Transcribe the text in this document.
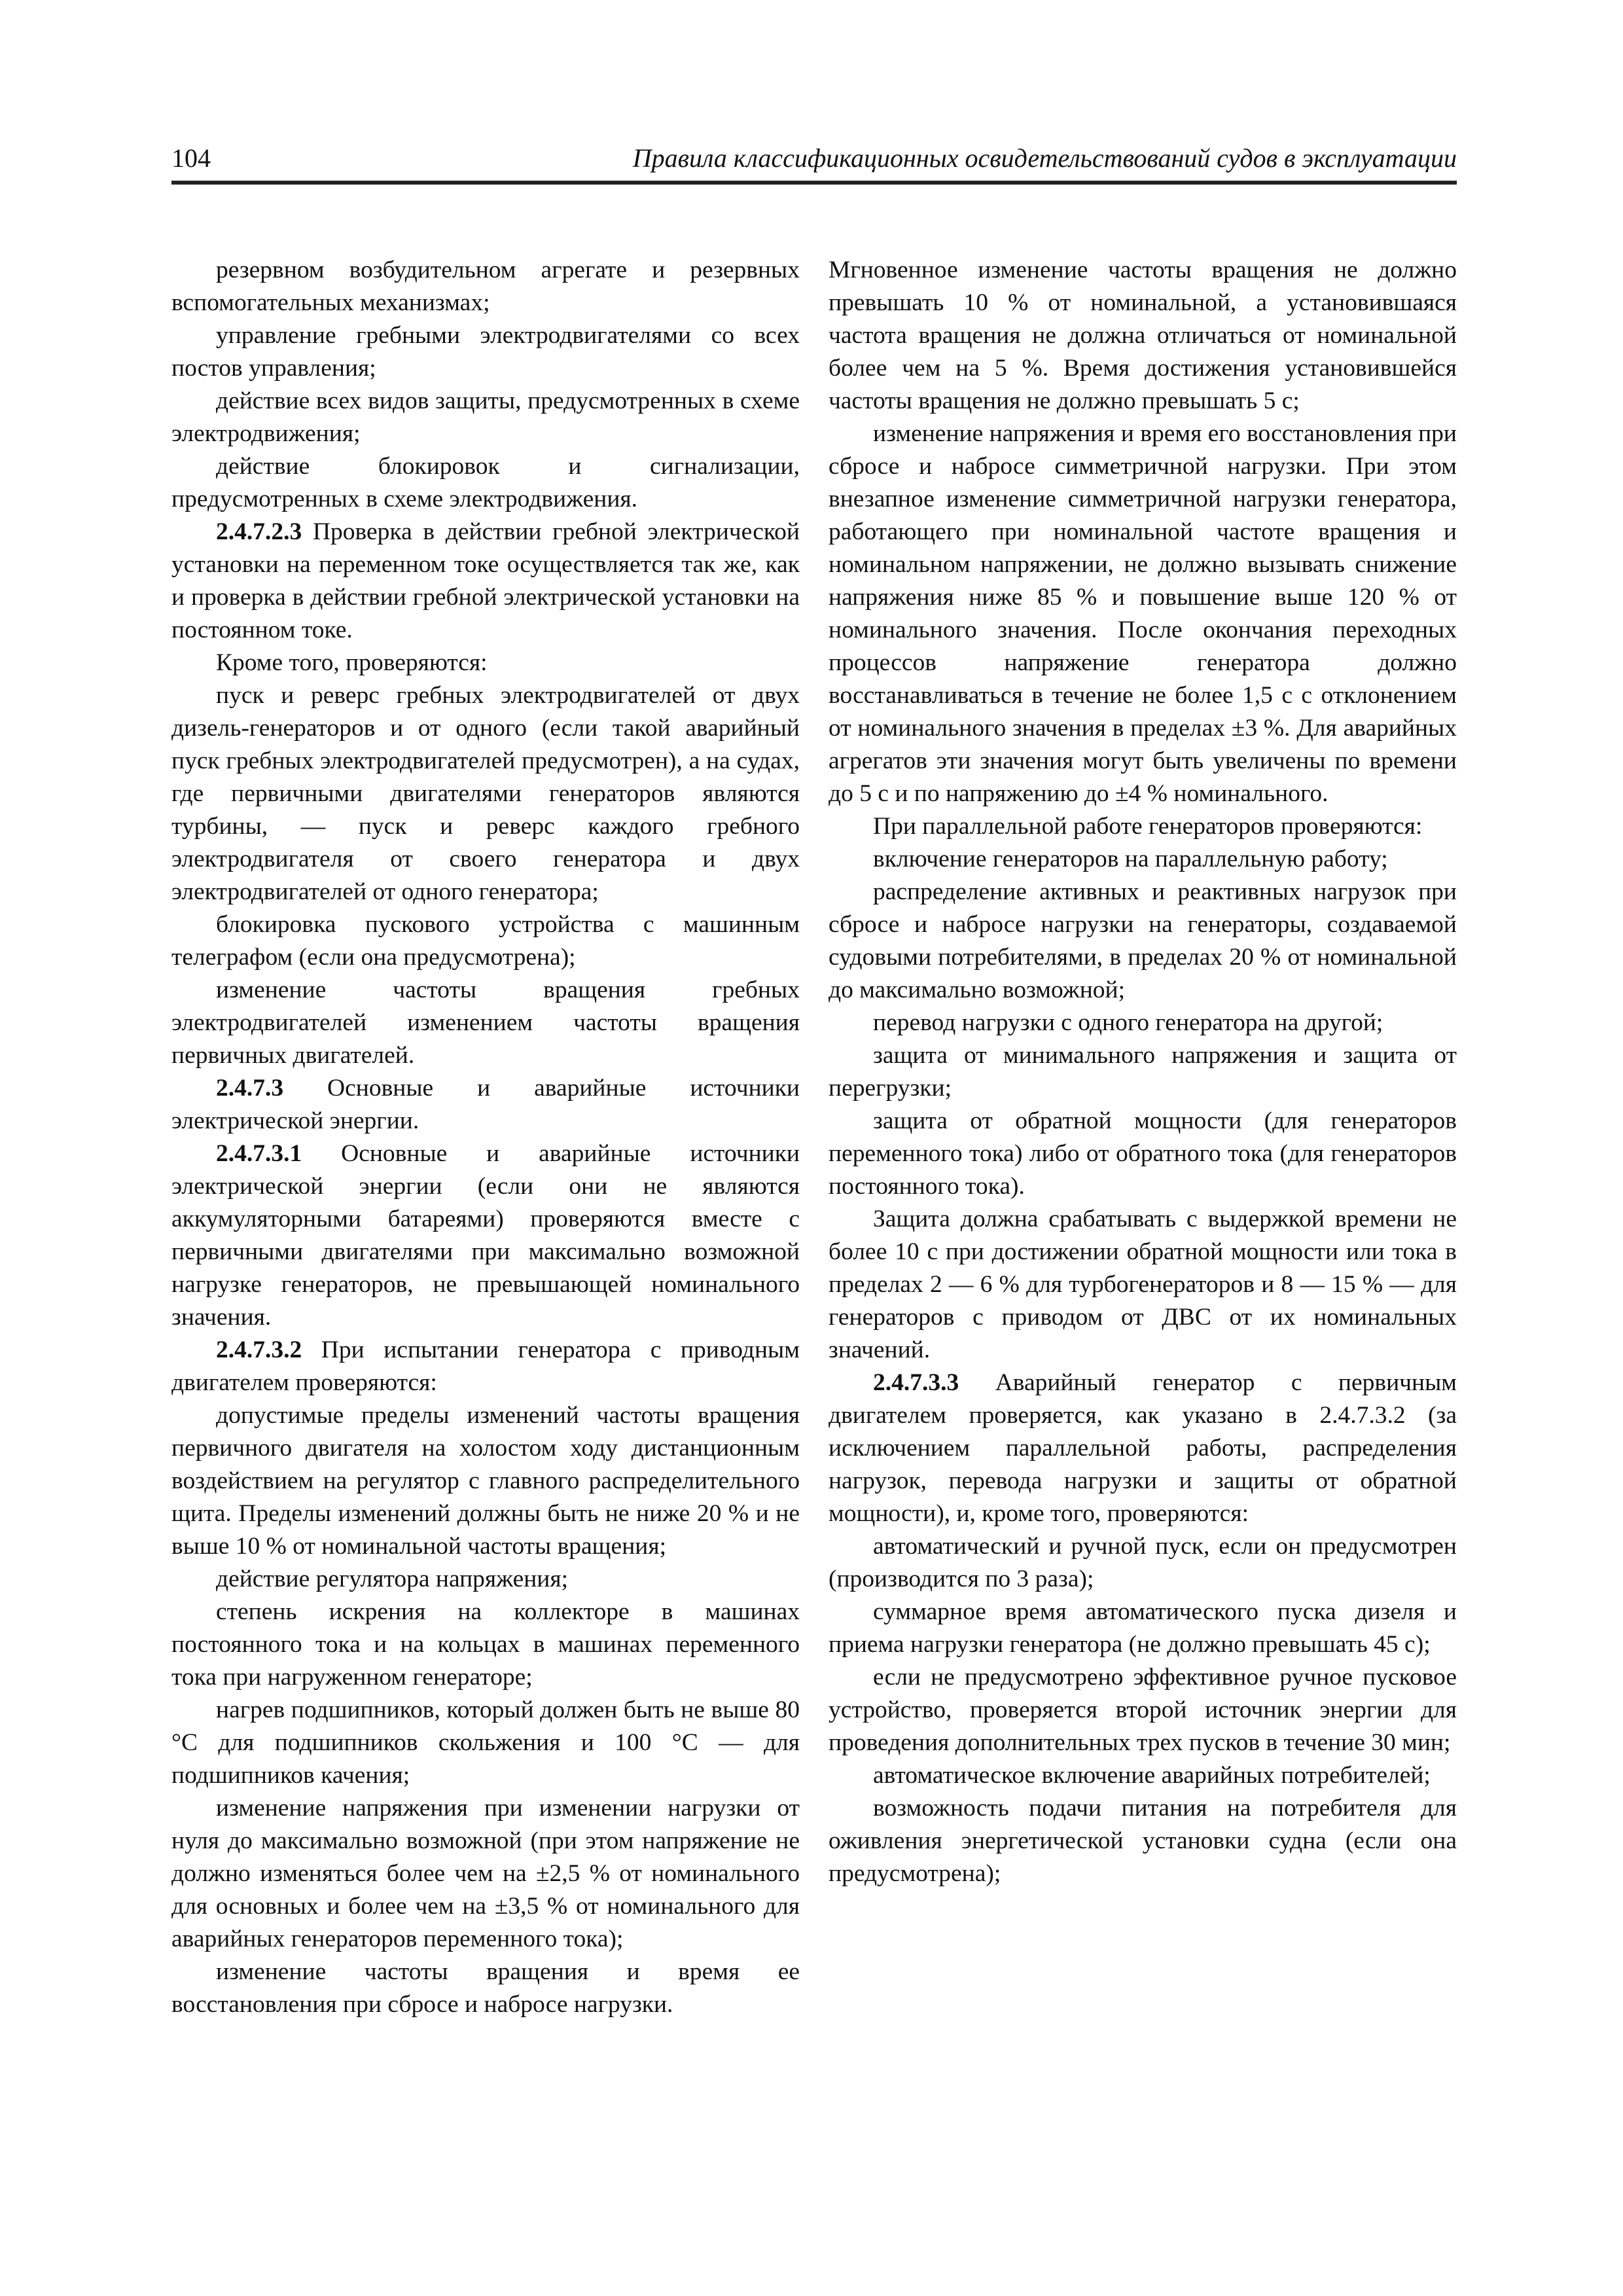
104	Правила классификационных освидетельствований судов в эксплуатации

резервном возбудительном агрегате и резервных вспомогательных механизмах;

управление гребными электродвигателями со всех постов управления;

действие всех видов защиты, предусмотренных в схеме электродвижения;

действие блокировок и сигнализации, предусмотренных в схеме электродвижения.

2.4.7.2.3 Проверка в действии гребной электрической установки на переменном токе осуществляется так же, как и проверка в действии гребной электрической установки на постоянном токе.

Кроме того, проверяются:

пуск и реверс гребных электродвигателей от двух дизель-генераторов и от одного (если такой аварийный пуск гребных электродвигателей предусмотрен), а на судах, где первичными двигателями генераторов являются турбины, — пуск и реверс каждого гребного электродвигателя от своего генератора и двух электродвигателей от одного генератора;

блокировка пускового устройства с машинным телеграфом (если она предусмотрена);

изменение частоты вращения гребных электродвигателей изменением частоты вращения первичных двигателей.

2.4.7.3 Основные и аварийные источники электрической энергии.

2.4.7.3.1 Основные и аварийные источники электрической энергии (если они не являются аккумуляторными батареями) проверяются вместе с первичными двигателями при максимально возможной нагрузке генераторов, не превышающей номинального значения.

2.4.7.3.2 При испытании генератора с приводным двигателем проверяются:

допустимые пределы изменений частоты вращения первичного двигателя на холостом ходу дистанционным воздействием на регулятор с главного распределительного щита. Пределы изменений должны быть не ниже 20 % и не выше 10 % от номинальной частоты вращения;

действие регулятора напряжения;

степень искрения на коллекторе в машинах постоянного тока и на кольцах в машинах переменного тока при нагруженном генераторе;

нагрев подшипников, который должен быть не выше 80 °С для подшипников скольжения и 100 °С — для подшипников качения;

изменение напряжения при изменении нагрузки от нуля до максимально возможной (при этом напряжение не должно изменяться более чем на ±2,5 % от номинального для основных и более чем на ±3,5 % от номинального для аварийных генераторов переменного тока);

изменение частоты вращения и время ее восстановления при сбросе и набросе нагрузки.

Мгновенное изменение частоты вращения не должно превышать 10 % от номинальной, а установившаяся частота вращения не должна отличаться от номинальной более чем на 5 %. Время достижения установившейся частоты вращения не должно превышать 5 с;

изменение напряжения и время его восстановления при сбросе и набросе симметричной нагрузки. При этом внезапное изменение симметричной нагрузки генератора, работающего при номинальной частоте вращения и номинальном напряжении, не должно вызывать снижение напряжения ниже 85 % и повышение выше 120 % от номинального значения. После окончания переходных процессов напряжение генератора должно восстанавливаться в течение не более 1,5 с с отклонением от номинального значения в пределах ±3 %. Для аварийных агрегатов эти значения могут быть увеличены по времени до 5 с и по напряжению до ±4 % номинального.

При параллельной работе генераторов проверяются:

включение генераторов на параллельную работу;

распределение активных и реактивных нагрузок при сбросе и набросе нагрузки на генераторы, создаваемой судовыми потребителями, в пределах 20 % от номинальной до максимально возможной;

перевод нагрузки с одного генератора на другой;

защита от минимального напряжения и защита от перегрузки;

защита от обратной мощности (для генераторов переменного тока) либо от обратного тока (для генераторов постоянного тока).

Защита должна срабатывать с выдержкой времени не более 10 с при достижении обратной мощности или тока в пределах 2 — 6 % для турбогенераторов и 8 — 15 % — для генераторов с приводом от ДВС от их номинальных значений.

2.4.7.3.3 Аварийный генератор с первичным двигателем проверяется, как указано в 2.4.7.3.2 (за исключением параллельной работы, распределения нагрузок, перевода нагрузки и защиты от обратной мощности), и, кроме того, проверяются:

автоматический и ручной пуск, если он предусмотрен (производится по 3 раза);

суммарное время автоматического пуска дизеля и приема нагрузки генератора (не должно превышать 45 с);

если не предусмотрено эффективное ручное пусковое устройство, проверяется второй источник энергии для проведения дополнительных трех пусков в течение 30 мин;

автоматическое включение аварийных потребителей;

возможность подачи питания на потребителя для оживления энергетической установки судна (если она предусмотрена);
